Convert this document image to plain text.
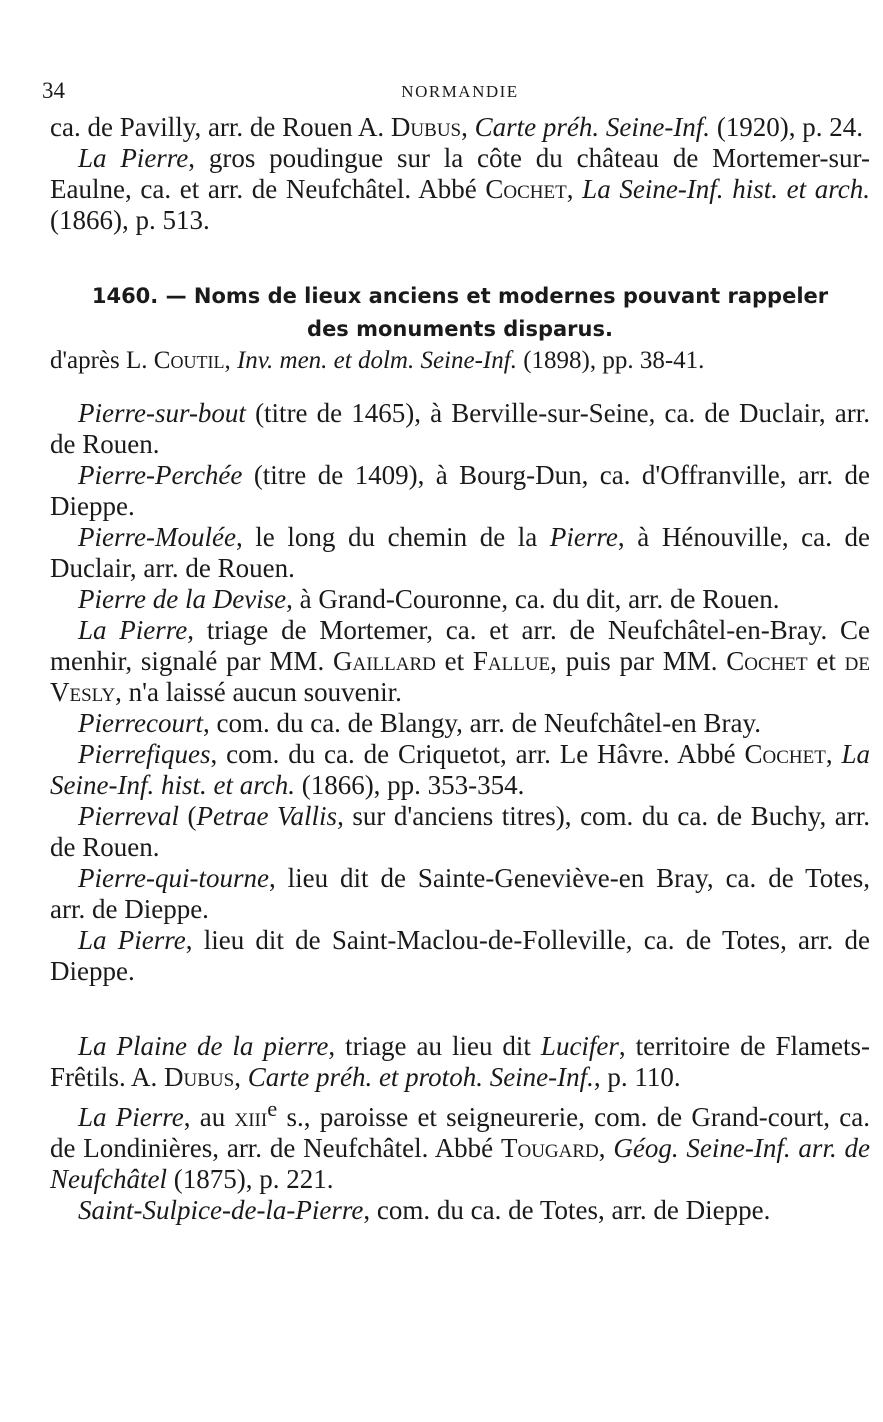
34	NORMANDIE

ca. de Pavilly, arr. de Rouen A. Dubus, Carte préh. Seine-Inf. (1920), p. 24.

La Pierre, gros poudingue sur la côte du château de Mortemer-sur-Eaulne, ca. et arr. de Neufchâtel. Abbé Cochet, La Seine-Inf. hist. et arch. (1866), p. 513.

1460. — Noms de lieux anciens et modernes pouvant rappeler
des monuments disparus.

d'après L. Coutil, Inv. men. et dolm. Seine-Inf. (1898), pp. 38-41.

Pierre-sur-bout (titre de 1465), à Berville-sur-Seine, ca. de Duclair, arr. de Rouen.

Pierre-Perchée (titre de 1409), à Bourg-Dun, ca. d'Offranville, arr. de Dieppe.

Pierre-Moulée, le long du chemin de la Pierre, à Hénouville, ca. de Duclair, arr. de Rouen.

Pierre de la Devise, à Grand-Couronne, ca. du dit, arr. de Rouen.

La Pierre, triage de Mortemer, ca. et arr. de Neufchâtel-en-Bray. Ce menhir, signalé par MM. Gaillard et Fallue, puis par MM. Cochet et de Vesly, n'a laissé aucun souvenir.

Pierrecourt, com. du ca. de Blangy, arr. de Neufchâtel-en Bray.

Pierrefiques, com. du ca. de Criquetot, arr. Le Hâvre. Abbé Cochet, La Seine-Inf. hist. et arch. (1866), pp. 353-354.

Pierreval (Petrae Vallis, sur d'anciens titres), com. du ca. de Buchy, arr. de Rouen.

Pierre-qui-tourne, lieu dit de Sainte-Geneviève-en Bray, ca. de Totes, arr. de Dieppe.

La Pierre, lieu dit de Saint-Maclou-de-Folleville, ca. de Totes, arr. de Dieppe.

La Plaine de la pierre, triage au lieu dit Lucifer, territoire de Flamets-Frêtils. A. Dubus, Carte préh. et protoh. Seine-Inf., p. 110.

La Pierre, au xiii$^e$ s., paroisse et seigneurerie, com. de Grand-court, ca. de Londinières, arr. de Neufchâtel. Abbé Tougard, Géog. Seine-Inf. arr. de Neufchâtel (1875), p. 221.

Saint-Sulpice-de-la-Pierre, com. du ca. de Totes, arr. de Dieppe.
